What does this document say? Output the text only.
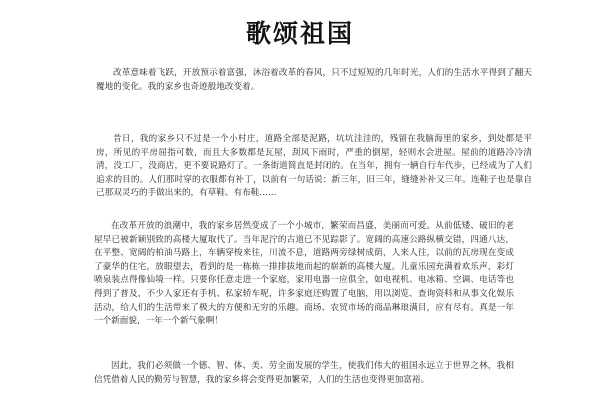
歌颂祖国

改革意味着飞跃，开放预示着富强，沐浴着改革的春风，只不过短短的几年时光，人们的生活水平得到了翻天覆地的变化。我的家乡也奇迹般地改变着。

昔日，我的家乡只不过是一个小村庄，道路全部是泥路，坑坑洼洼的，残留在我脑海里的家乡，到处都是平房，所见的平房屈指可数，而且大多数都是瓦屋，刮风下雨时，严重的倒屋，轻则水会进屋。屋前的道路冷冷清清，没工厂，没商店，更不要说路灯了。一条街道简直是封闭的。在当年，拥有一辆自行车代步，已经成为了人们追求的目的。人们那时穿的衣服都有补丁，以前有一句话说：新三年，旧三年，缝缝补补又三年。连鞋子也是靠自己那双灵巧的手做出来的，有草鞋、有布鞋……

在改革开放的浪潮中，我的家乡居然变成了一个小城市，繁荣而昌盛，美丽而可爱。从前低矮、破旧的老屋早已被新颖别致的高楼大厦取代了。当年泥泞的古道已不见踪影了。宽阔的高速公路纵横交错，四通八达，在平整、宽阔的柏油马路上，车辆穿梭来往，川流不息，道路两旁绿树成荫，人来人往，以前的瓦房现在变成了豪华的住宅，放眼望去，看到的是一栋栋一排排拔地而起的崭新的高楼大厦。儿童乐园充满着欢乐声，彩灯喷泉装点得像仙境一样。只要你任意走进一个家庭，家用电器一应俱全，如电视机、电冰箱、空调、电话等也得到了普及，不少人家还有手机、私家轿车呢，许多家庭还购置了电脑，用以浏览、查询资料和从事文化娱乐活动，给人们的生活带来了极大的方便和无穷的乐趣。商场、农贸市场的商品琳琅满目，应有尽有。真是一年一个新面貌，一年一个新气象啊！

因此，我们必须做一个德、智、体、美、劳全面发展的学生，使我们伟大的祖国永远立于世界之林，我相信凭借着人民的勤劳与智慧，我的家乡将会变得更加繁荣，人们的生活也变得更加富裕。
